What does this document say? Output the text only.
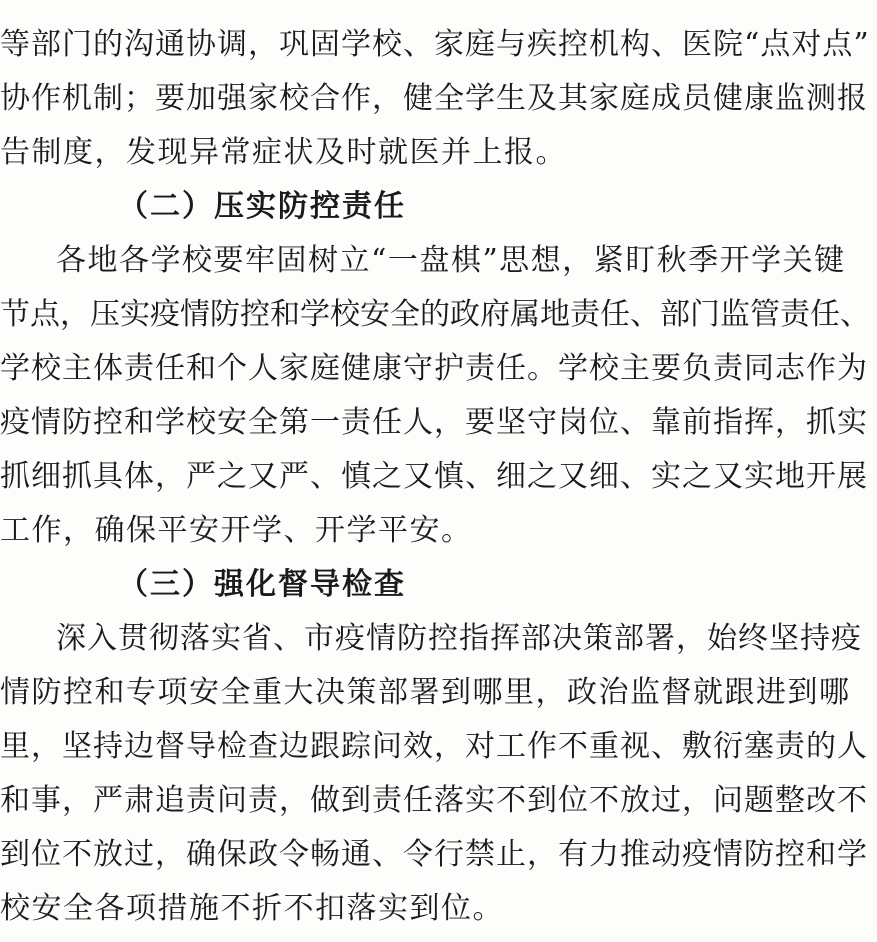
等部门的沟通协调，巩固学校、家庭与疾控机构、医院“点对点”

协作机制；要加强家校合作，健全学生及其家庭成员健康监测报

告制度，发现异常症状及时就医并上报。

（二）压实防控责任

各地各学校要牢固树立“一盘棋”思想，紧盯秋季开学关键

节点，压实疫情防控和学校安全的政府属地责任、部门监管责任、

学校主体责任和个人家庭健康守护责任。学校主要负责同志作为

疫情防控和学校安全第一责任人，要坚守岗位、靠前指挥，抓实

抓细抓具体，严之又严、慎之又慎、细之又细、实之又实地开展

工作，确保平安开学、开学平安。

（三）强化督导检查

深入贯彻落实省、市疫情防控指挥部决策部署，始终坚持疫

情防控和专项安全重大决策部署到哪里，政治监督就跟进到哪

里，坚持边督导检查边跟踪问效，对工作不重视、敷衍塞责的人

和事，严肃追责问责，做到责任落实不到位不放过，问题整改不

到位不放过，确保政令畅通、令行禁止，有力推动疫情防控和学

校安全各项措施不折不扣落实到位。
